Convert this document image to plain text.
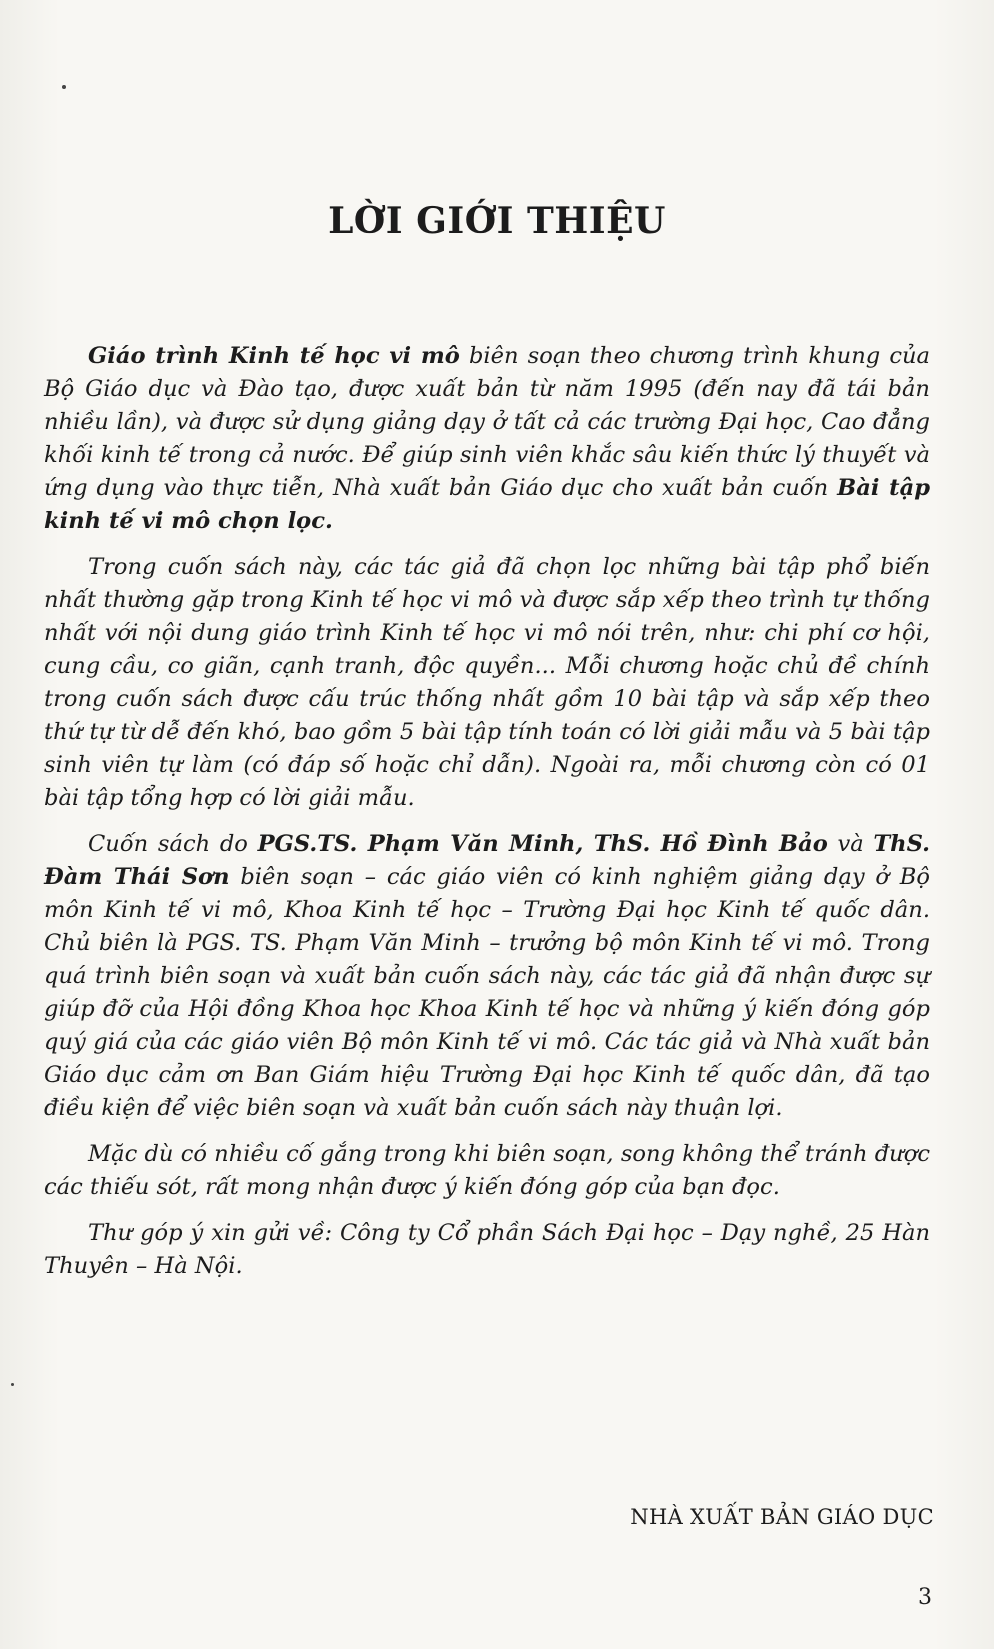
LỜI GIỚI THIỆU

Giáo trình Kinh tế học vi mô biên soạn theo chương trình khung của Bộ Giáo dục và Đào tạo, được xuất bản từ năm 1995 (đến nay đã tái bản nhiều lần), và được sử dụng giảng dạy ở tất cả các trường Đại học, Cao đẳng khối kinh tế trong cả nước. Để giúp sinh viên khắc sâu kiến thức lý thuyết và ứng dụng vào thực tiễn, Nhà xuất bản Giáo dục cho xuất bản cuốn Bài tập kinh tế vi mô chọn lọc.

Trong cuốn sách này, các tác giả đã chọn lọc những bài tập phổ biến nhất thường gặp trong Kinh tế học vi mô và được sắp xếp theo trình tự thống nhất với nội dung giáo trình Kinh tế học vi mô nói trên, như: chi phí cơ hội, cung cầu, co giãn, cạnh tranh, độc quyền... Mỗi chương hoặc chủ đề chính trong cuốn sách được cấu trúc thống nhất gồm 10 bài tập và sắp xếp theo thứ tự từ dễ đến khó, bao gồm 5 bài tập tính toán có lời giải mẫu và 5 bài tập sinh viên tự làm (có đáp số hoặc chỉ dẫn). Ngoài ra, mỗi chương còn có 01 bài tập tổng hợp có lời giải mẫu.

Cuốn sách do PGS.TS. Phạm Văn Minh, ThS. Hồ Đình Bảo và ThS. Đàm Thái Sơn biên soạn – các giáo viên có kinh nghiệm giảng dạy ở Bộ môn Kinh tế vi mô, Khoa Kinh tế học – Trường Đại học Kinh tế quốc dân. Chủ biên là PGS. TS. Phạm Văn Minh – trưởng bộ môn Kinh tế vi mô. Trong quá trình biên soạn và xuất bản cuốn sách này, các tác giả đã nhận được sự giúp đỡ của Hội đồng Khoa học Khoa Kinh tế học và những ý kiến đóng góp quý giá của các giáo viên Bộ môn Kinh tế vi mô. Các tác giả và Nhà xuất bản Giáo dục cảm ơn Ban Giám hiệu Trường Đại học Kinh tế quốc dân, đã tạo điều kiện để việc biên soạn và xuất bản cuốn sách này thuận lợi.

Mặc dù có nhiều cố gắng trong khi biên soạn, song không thể tránh được các thiếu sót, rất mong nhận được ý kiến đóng góp của bạn đọc.

Thư góp ý xin gửi về: Công ty Cổ phần Sách Đại học – Dạy nghề, 25 Hàn Thuyên – Hà Nội.

NHÀ XUẤT BẢN GIÁO DỤC
3
